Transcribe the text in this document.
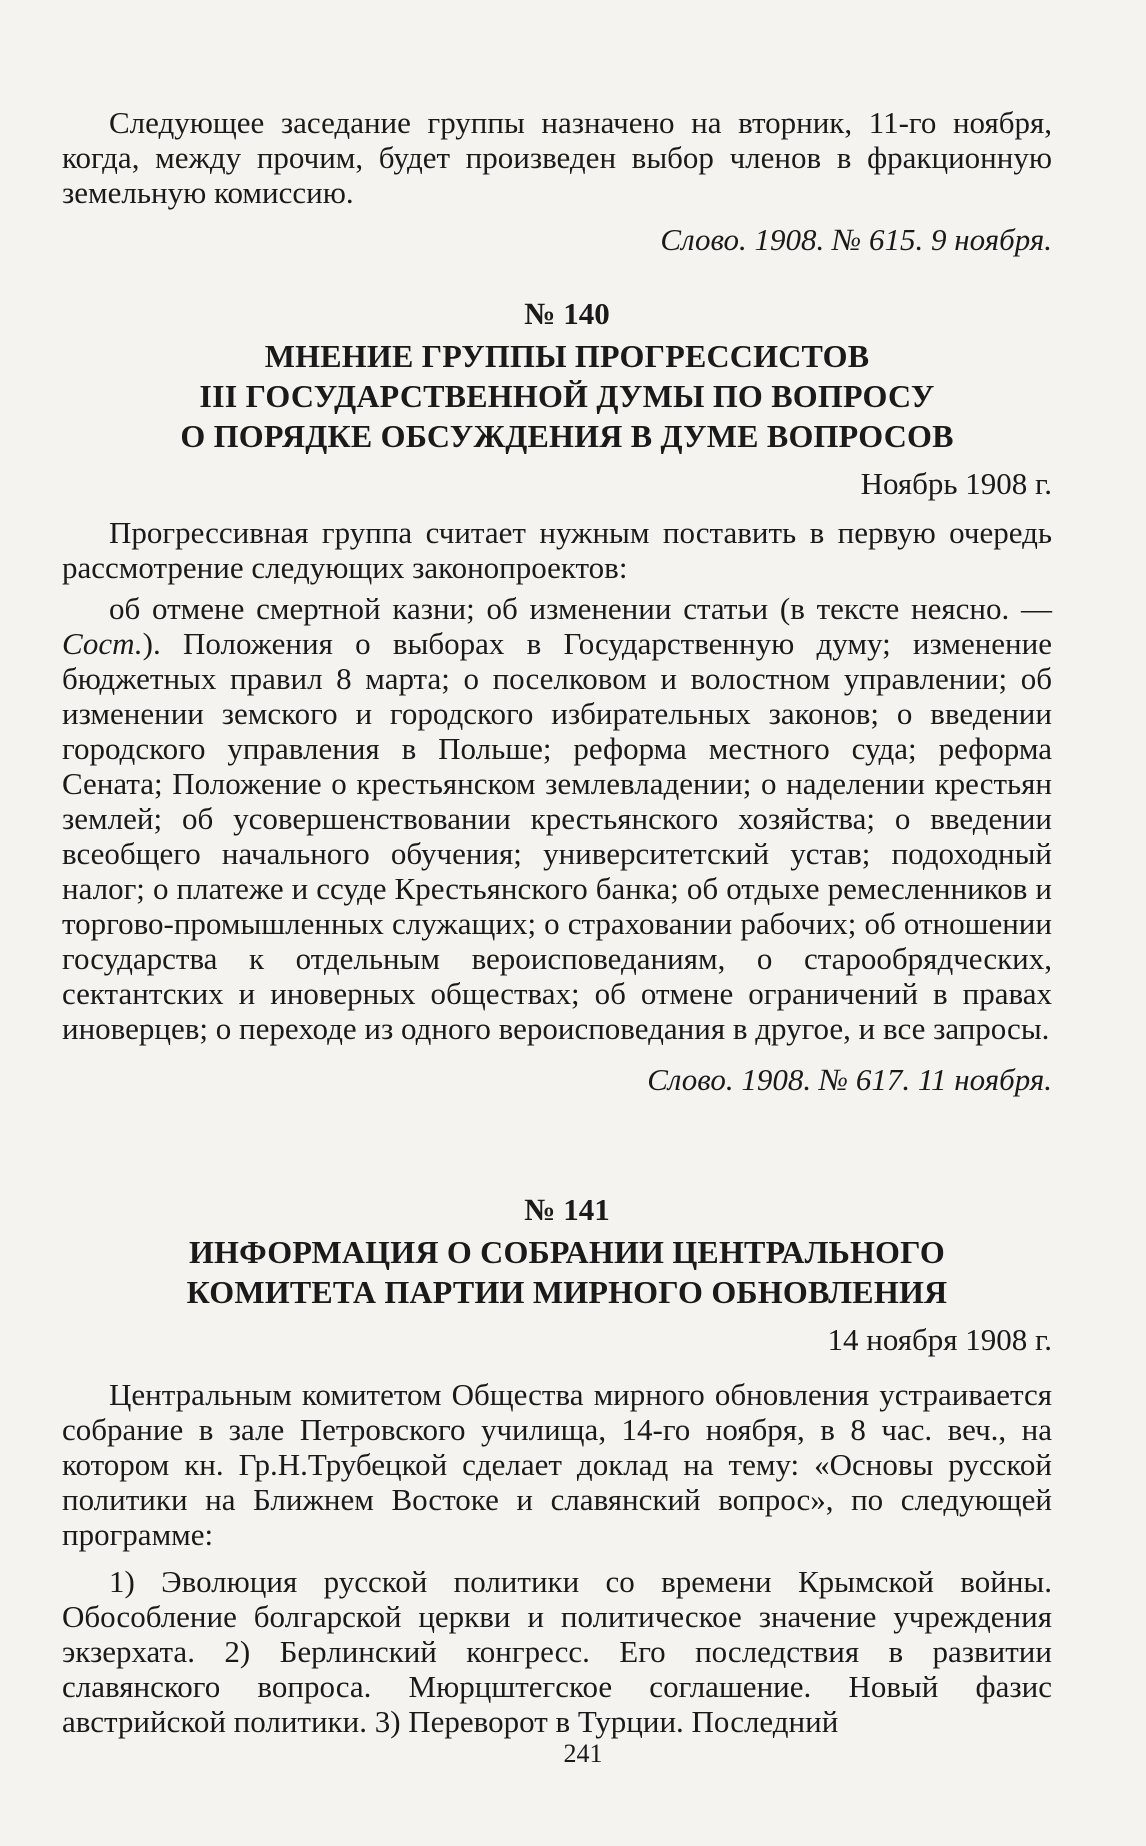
Следующее заседание группы назначено на вторник, 11-го ноября, когда, между прочим, будет произведен выбор членов в фракционную земельную комиссию.

Слово. 1908. № 615. 9 ноября.
№ 140
МНЕНИЕ ГРУППЫ ПРОГРЕССИСТОВ
III ГОСУДАРСТВЕННОЙ ДУМЫ ПО ВОПРОСУ
О ПОРЯДКЕ ОБСУЖДЕНИЯ В ДУМЕ ВОПРОСОВ
Ноябрь 1908 г.

Прогрессивная группа считает нужным поставить в первую очередь рассмотрение следующих законопроектов:

об отмене смертной казни; об изменении статьи (в тексте неясно. — Сост.). Положения о выборах в Государственную думу; изменение бюджетных правил 8 марта; о поселковом и волостном управлении; об изменении земского и городского избирательных законов; о введении городского управления в Польше; реформа местного суда; реформа Сената; Положение о крестьянском землевладении; о наделении крестьян землей; об усовершенствовании крестьянского хозяйства; о введении всеобщего начального обучения; университетский устав; подоходный налог; о платеже и ссуде Крестьянского банка; об отдыхе ремесленников и торгово-промышленных служащих; о страховании рабочих; об отношении государства к отдельным вероисповеданиям, о старообрядческих, сектантских и иноверных обществах; об отмене ограничений в правах иноверцев; о переходе из одного вероисповедания в другое, и все запросы.

Слово. 1908. № 617. 11 ноября.
№ 141
ИНФОРМАЦИЯ О СОБРАНИИ ЦЕНТРАЛЬНОГО
КОМИТЕТА ПАРТИИ МИРНОГО ОБНОВЛЕНИЯ
14 ноября 1908 г.

Центральным комитетом Общества мирного обновления устраивается собрание в зале Петровского училища, 14-го ноября, в 8 час. веч., на котором кн. Гр.Н.Трубецкой сделает доклад на тему: «Основы русской политики на Ближнем Востоке и славянский вопрос», по следующей программе:

1) Эволюция русской политики со времени Крымской войны. Обособление болгарской церкви и политическое значение учреждения экзерхата. 2) Берлинский конгресс. Его последствия в развитии славянского вопроса. Мюрцштегское соглашение. Новый фазис австрийской политики. 3) Переворот в Турции. Последний

241
